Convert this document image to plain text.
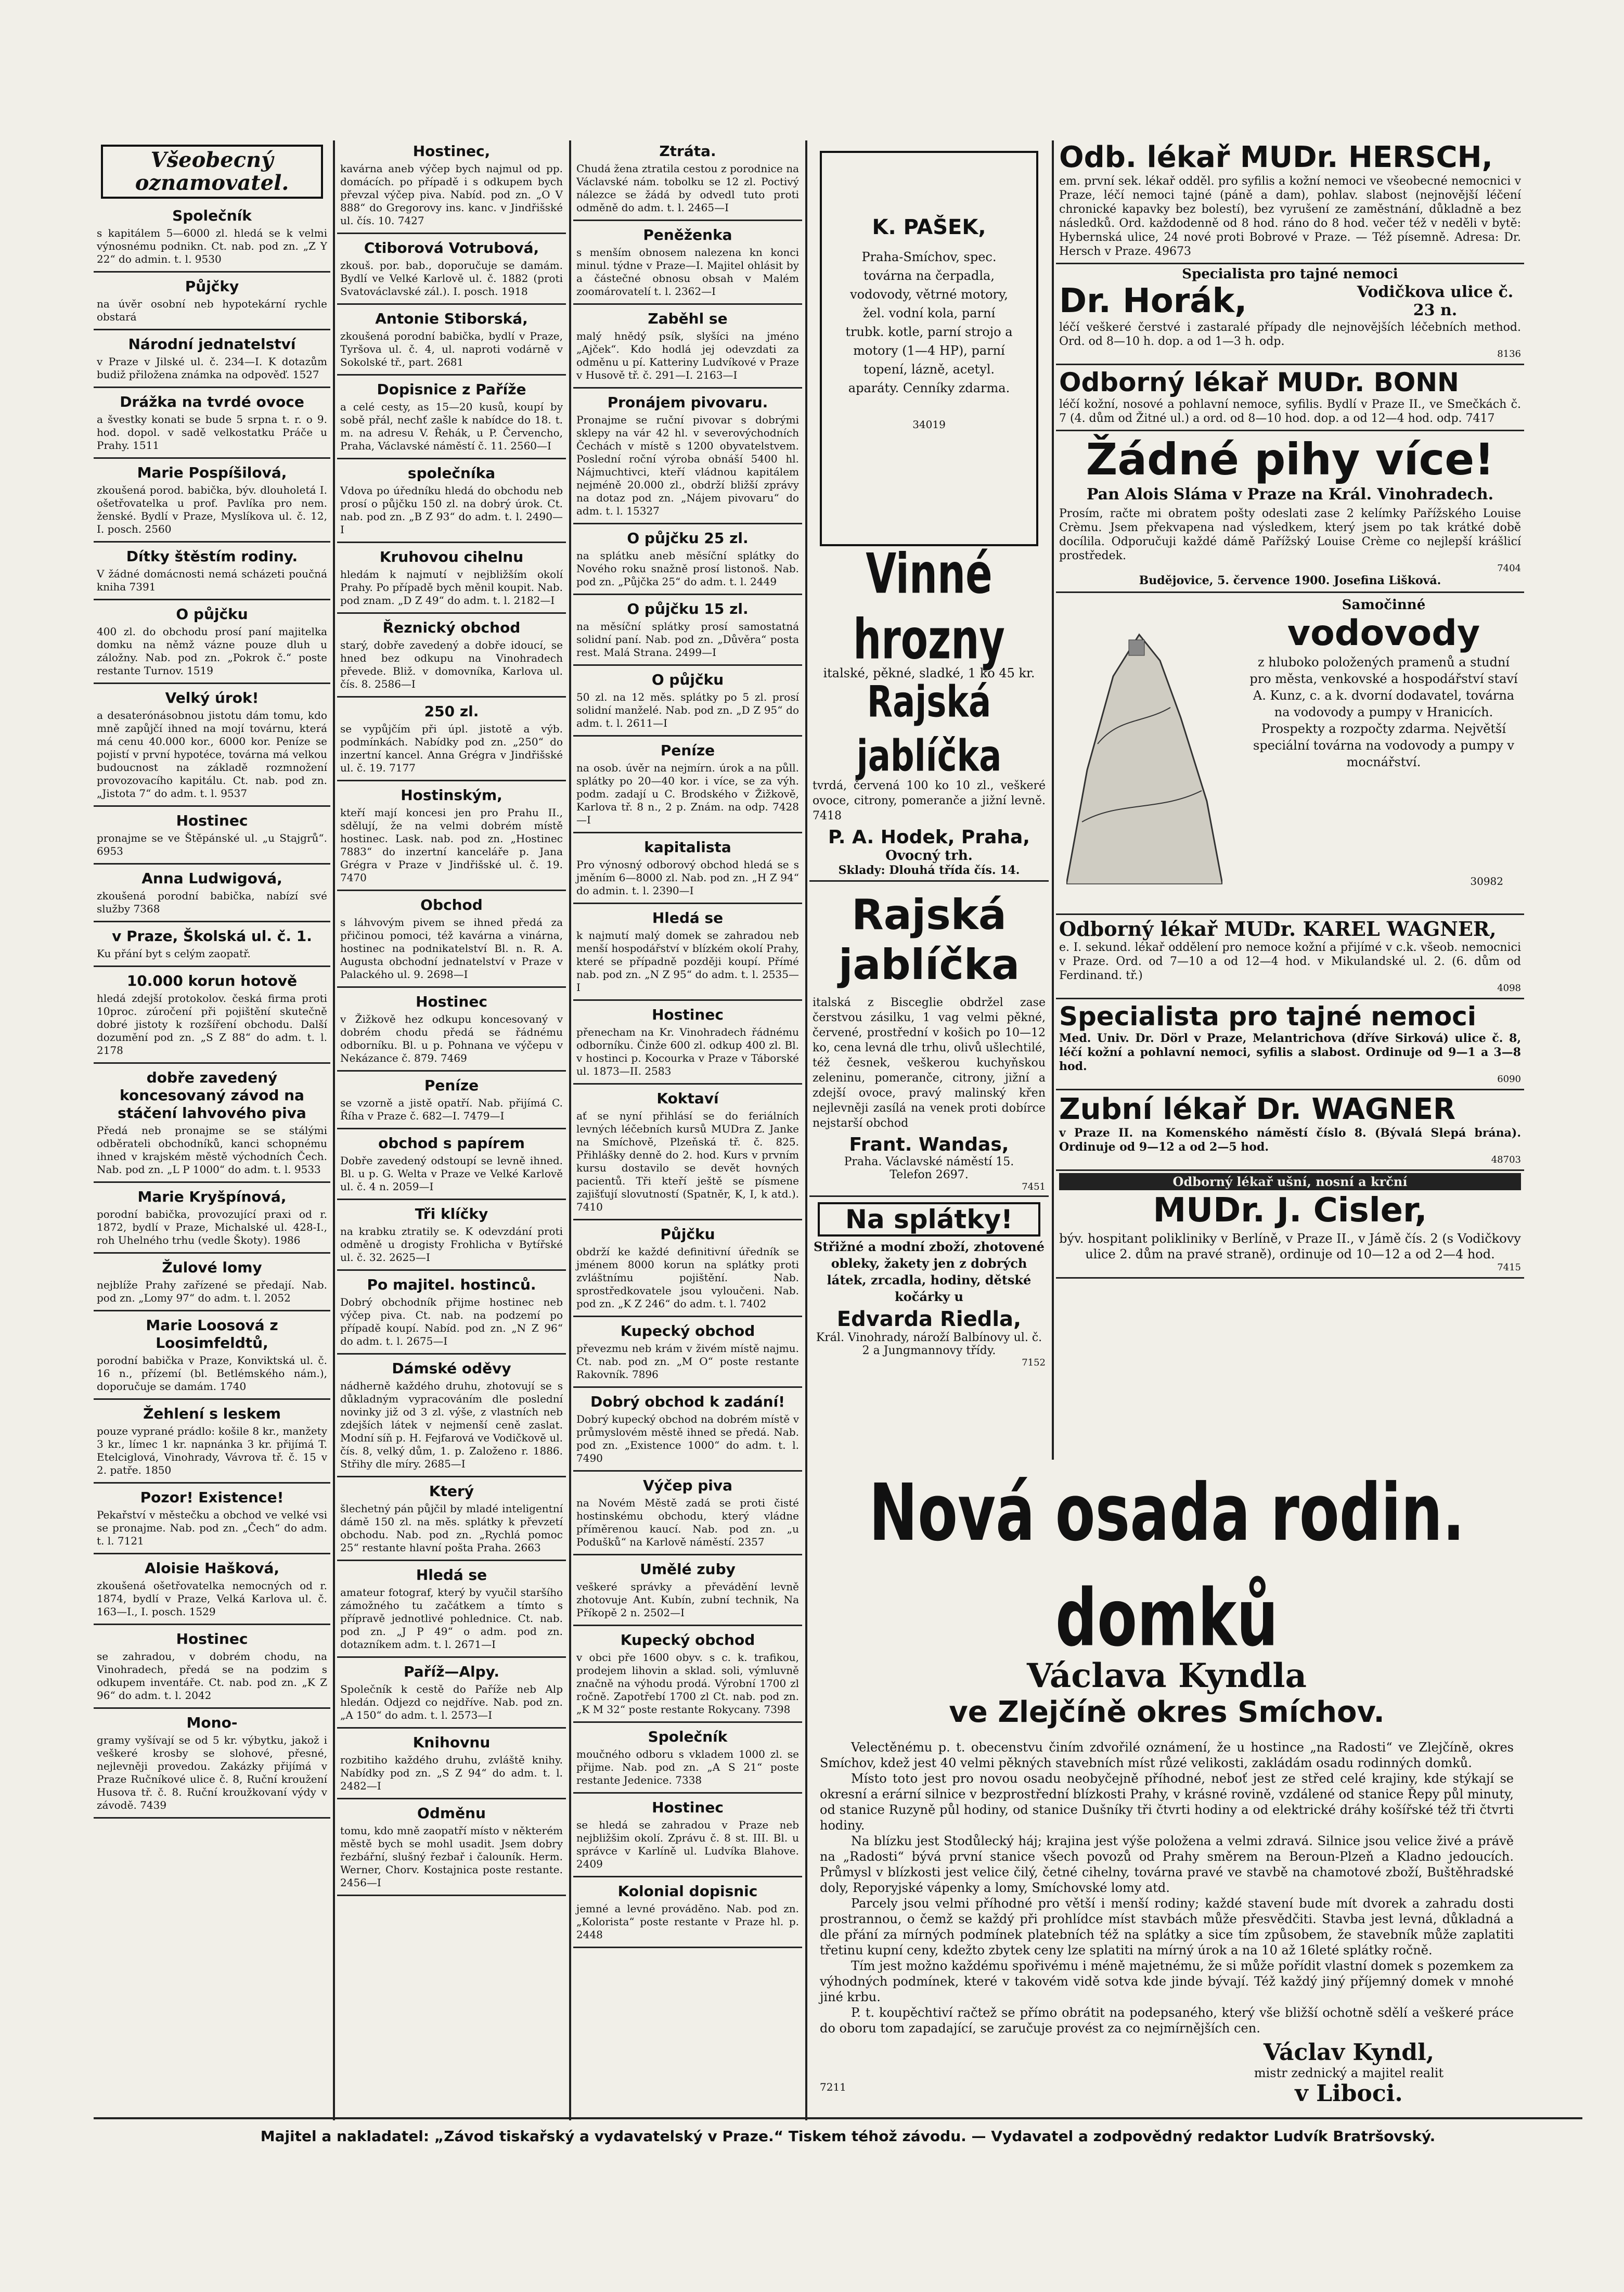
Všeobecný oznamovatel.
Společník

s kapitálem 5—6000 zl. hledá se k velmi výnosnému podnikn. Ct. nab. pod zn. „Z Y 22“ do admin. t. l. 9530

Půjčky

na úvěr osobní neb hypotekární rychle obstará

Národní jednatelství

v Praze v Jilské ul. č. 234—I. K dotazům budiž přiložena známka na odpověď. 1527

Drážka na tvrdé ovoce

a švestky konati se bude 5 srpna t. r. o 9. hod. dopol. v sadě velkostatku Práče u Prahy. 1511

Marie Pospíšilová,

zkoušená porod. babička, býv. dlouholetá I. ošetřovatelka u prof. Pavlíka pro nem. ženské. Bydlí v Praze, Myslíkova ul. č. 12, I. posch. 2560

Dítky štěstím rodiny.

V žádné domácnosti nemá scházeti poučná kniha 7391

O půjčku

400 zl. do obchodu prosí paní majitelka domku na němž vázne pouze dluh u záložny. Nab. pod zn. „Pokrok č.“ poste restante Turnov. 1519

Velký úrok!

a desaterónásobnou jistotu dám tomu, kdo mně zapůjčí ihned na mojí továrnu, která má cenu 40.000 kor., 6000 kor. Peníze se pojistí v první hypotéce, továrna má velkou budoucnost na základě rozmnožení provozovacího kapitálu. Ct. nab. pod zn. „Jistota 7“ do adm. t. l. 9537

Hostinec

pronajme se ve Štěpánské ul. „u Stajgrů“. 6953

Anna Ludwigová,

zkoušená porodní babička, nabízí své služby 7368

v Praze, Školská ul. č. 1.

Ku přání byt s celým zaopatř.

10.000 korun hotově

hledá zdejší protokolov. česká firma proti 10proc. zúročení při pojištění skutečně dobré jistoty k rozšíření obchodu. Další dozumění pod zn. „S Z 88“ do adm. t. l. 2178

dobře zavedený koncesovaný závod na stáčení lahvového piva

Předá neb pronajme se se stálými odběrateli obchodníků, kanci schopnému ihned v krajském městě východních Čech. Nab. pod zn. „L P 1000“ do adm. t. l. 9533

Marie Kryšpínová,

porodní babička, provozující praxi od r. 1872, bydlí v Praze, Michalské ul. 428-I., roh Uhelného trhu (vedle Škoty). 1986

Žulové lomy

nejblíže Prahy zařízené se předají. Nab. pod zn. „Lomy 97“ do adm. t. l. 2052

Marie Loosová z Loosimfeldtů,

porodní babička v Praze, Konviktská ul. č. 16 n., přízemí (bl. Betlémského nám.), doporučuje se damám. 1740

Žehlení s leskem

pouze vyprané prádlo: košile 8 kr., manžety 3 kr., límec 1 kr. napnánka 3 kr. přijímá T. Etelciglová, Vinohrady, Vávrova tř. č. 15 v 2. patře. 1850

Pozor! Existence!

Pekařství v městečku a obchod ve velké vsi se pronajme. Nab. pod zn. „Čech“ do adm. t. l. 7121

Aloisie Hašková,

zkoušená ošetřovatelka nemocných od r. 1874, bydlí v Praze, Velká Karlova ul. č. 163—I., I. posch. 1529

Hostinec

se zahradou, v dobrém chodu, na Vinohradech, předá se na podzim s odkupem inventáře. Ct. nab. pod zn. „K Z 96“ do adm. t. l. 2042

Mono-

gramy vyšívají se od 5 kr. výbytku, jakož i veškeré krosby se slohové, přesné, nejlevněji provedou. Zakázky přijímá v Praze Ručníkové ulice č. 8, Ruční kroužení Husova tř. č. 8. Ruční kroužkovaní výdy v závodě. 7439

Hostinec,

kavárna aneb výčep bych najmul od pp. domácích. po případě i s odkupem bych převzal výčep piva. Nabíd. pod zn. „O V 888“ do Gregorovy ins. kanc. v Jindřišské ul. čís. 10. 7427

Ctiborová Votrubová,

zkouš. por. bab., doporučuje se damám. Bydlí ve Velké Karlově ul. č. 1882 (proti Svatováclavské zál.). I. posch. 1918

Antonie Stiborská,

zkoušená porodní babička, bydlí v Praze, Tyršova ul. č. 4, ul. naproti vodárně v Sokolské tř., part. 2681

Dopisnice z Paříže

a celé cesty, as 15—20 kusů, koupí by sobě přál, nechť zašle k nabídce do 18. t. m. na adresu V. Řehák, u P. Červencho, Praha, Václavské náměstí č. 11. 2560—I

společníka

Vdova po úředníku hledá do obchodu neb prosí o půjčku 150 zl. na dobrý úrok. Ct. nab. pod zn. „B Z 93“ do adm. t. l. 2490—I

Kruhovou cihelnu

hledám k najmutí v nejbližším okolí Prahy. Po případě bych měnil koupit. Nab. pod znam. „D Z 49“ do adm. t. l. 2182—I

Řeznický obchod

starý, dobře zavedený a dobře idoucí, se hned bez odkupu na Vinohradech převede. Bliž. v domovníka, Karlova ul. čís. 8. 2586—I

250 zl.

se vypůjčím při úpl. jistotě a výb. podmínkách. Nabídky pod zn. „250“ do inzertní kancel. Anna Grégra v Jindřišské ul. č. 19. 7177

Hostinským,

kteří mají koncesi jen pro Prahu II., sdělují, že na velmi dobrém místě hostinec. Lask. nab. pod zn. „Hostinec 7883“ do inzertní kanceláře p. Jana Grégra v Praze v Jindřišské ul. č. 19. 7470

Obchod

s láhvovým pivem se ihned předá za přičinou pomoci, též kavárna a vinárna, hostinec na podnikatelství Bl. n. R. A. Augusta obchodní jednatelství v Praze v Palackého ul. 9. 2698—I

Hostinec

v Žižkově hez odkupu koncesovaný v dobrém chodu předá se řádnému odborníku. Bl. u p. Pohnana ve výčepu v Nekázance č. 879. 7469

Peníze

se vzorně a jistě opatří. Nab. přijímá C. Říha v Praze č. 682—I. 7479—I

obchod s papírem

Dobře zavedený odstoupí se levně ihned. Bl. u p. G. Welta v Praze ve Velké Karlově ul. č. 4 n. 2059—I

Tři klíčky

na krabku ztratily se. K odevzdání proti odměně u drogisty Frohlicha v Bytířské ul. č. 32. 2625—I

Po majitel. hostinců.

Dobrý obchodník přijme hostinec neb výčep piva. Ct. nab. na podzemí po případě koupí. Nabíd. pod zn. „N Z 96“ do adm. t. l. 2675—I

Dámské oděvy

nádherně každého druhu, zhotovují se s důkladným vypracováním dle poslední novinky již od 3 zl. výše, z vlastních neb zdejších látek v nejmenší ceně zaslat. Modní síň p. H. Fejfarová ve Vodičkově ul. čís. 8, velký dům, 1. p. Založeno r. 1886. Střihy dle míry. 2685—I

Který

šlechetný pán půjčil by mladé inteligentní dámě 150 zl. na měs. splátky k převzetí obchodu. Nab. pod zn. „Rychlá pomoc 25“ restante hlavní pošta Praha. 2663

Hledá se

amateur fotograf, který by vyučil staršího zámožného tu začátkem a tímto s přípravě jednotlivé pohlednice. Ct. nab. pod zn. „J P 49“ o adm. pod zn. dotazníkem adm. t. l. 2671—I

Paříž—Alpy.

Společník k cestě do Paříže neb Alp hledán. Odjezd co nejdříve. Nab. pod zn. „A 150“ do adm. t. l. 2573—I

Knihovnu

rozbitiho každého druhu, zvláště knihy. Nabídky pod zn. „S Z 94“ do adm. t. l. 2482—I

Odměnu

tomu, kdo mně zaopatří místo v některém městě bych se mohl usadit. Jsem dobry řezbářní, slušný řezbař i čalouník. Herm. Werner, Chorv. Kostajnica poste restante. 2456—I

Ztráta.

Chudá žena ztratila cestou z porodnice na Václavské nám. tobolku se 12 zl. Poctivý nálezce se žádá by odvedl tuto proti odměně do adm. t. l. 2465—I

Peněženka

s menším obnosem nalezena kn konci minul. týdne v Praze—I. Majitel ohlásit by a částečné obnosu obsah v Malém zoomárovatelí t. l. 2362—I

Zaběhl se

malý hnědý psík, slyšíci na jméno „Ajček“. Kdo hodlá jej odevzdati za odměnu u pí. Katteriny Ludvíkové v Praze v Husově tř. č. 291—I. 2163—I

Pronájem pivovaru.

Pronajme se ruční pivovar s dobrými sklepy na vár 42 hl. v severovýchodních Čechách v místě s 1200 obyvatelstvem. Poslední roční výroba obnáší 5400 hl. Nájmuchtivci, kteří vládnou kapitálem nejméně 20.000 zl., obdrží bližší zprávy na dotaz pod zn. „Nájem pivovaru“ do adm. t. l. 15327

O půjčku 25 zl.

na splátku aneb měsíční splátky do Nového roku snažně prosí listonoš. Nab. pod zn. „Půjčka 25“ do adm. t. l. 2449

O půjčku 15 zl.

na měsíční splátky prosí samostatná solidní paní. Nab. pod zn. „Důvěra“ posta rest. Malá Strana. 2499—I

O půjčku

50 zl. na 12 měs. splátky po 5 zl. prosí solidní manželé. Nab. pod zn. „D Z 95“ do adm. t. l. 2611—I

Peníze

na osob. úvěr na nejmírn. úrok a na půll. splátky po 20—40 kor. i více, se za výh. podm. zadají u C. Brodského v Žižkově, Karlova tř. 8 n., 2 p. Znám. na odp. 7428—I

kapitalista

Pro výnosný odborový obchod hledá se s jměním 6—8000 zl. Nab. pod zn. „H Z 94“ do admin. t. l. 2390—I

Hledá se

k najmutí malý domek se zahradou neb menší hospodářství v blízkém okolí Prahy, které se případně později koupí. Přímé nab. pod zn. „N Z 95“ do adm. t. l. 2535—I

Hostinec

přenecham na Kr. Vinohradech řádnému odborníku. Činže 600 zl. odkup 400 zl. Bl. v hostinci p. Kocourka v Praze v Táborské ul. 1873—II. 2583

Koktaví

ať se nyní přihlásí se do feriálních levných léčebních kursů MUDra Z. Janke na Smíchově, Plzeňská tř. č. 825. Přihlášky denně do 2. hod. Kurs v prvním kursu dostavilo se devět hovných pacientů. Tři kteří ještě se písmene zajišťují slovutností (Spatněr, K, I, k atd.). 7410

Půjčku

obdrží ke každé definitivní úředník se jménem 8000 korun na splátky proti zvláštnímu pojištění. Nab. sprostředkovatele jsou vyloučeni. Nab. pod zn. „K Z 246“ do adm. t. l. 7402

Kupecký obchod

převezmu neb krám v živém místě najmu. Ct. nab. pod zn. „M O“ poste restante Rakovník. 7896

Dobrý obchod k zadání!

Dobrý kupecký obchod na dobrém místě v průmyslovém městě ihned se předá. Nab. pod zn. „Existence 1000“ do adm. t. l. 7490

Výčep piva

na Novém Městě zadá se proti čisté hostinskému obchodu, který vládne příměrenou kaucí. Nab. pod zn. „u Podušků“ na Karlově náměstí. 2357

Umělé zuby

veškeré správky a převádění levně zhotovuje Ant. Kubín, zubní technik, Na Příkopě 2 n. 2502—I

Kupecký obchod

v obci pře 1600 obyv. s c. k. trafikou, prodejem lihovin a sklad. soli, výmluvně značně na výhodu prodá. Výrobní 1700 zl ročně. Zapotřebí 1700 zl Ct. nab. pod zn. „K M 32“ poste restante Rokycany. 7398

Společník

moučného odboru s vkladem 1000 zl. se přijme. Nab. pod zn. „A S 21“ poste restante Jedenice. 7338

Hostinec

se hledá se zahradou v Praze neb nejbližšim okolí. Zprávu č. 8 st. III. Bl. u správce v Karlíně ul. Ludvíka Blahove. 2409

Kolonial dopisnic

jemné a levné prováděno. Nab. pod zn. „Kolorista“ poste restante v Praze hl. p. 2448

K. PAŠEK,

Praha-Smíchov, spec. továrna na čerpadla, vodovody, větrné motory, žel. vodní kola, parní trubk. kotle, parní strojo a motory (1—4 HP), parní topení, lázně, acetyl. aparáty. Cenníky zdarma.

34019
Vinné hrozny

italské, pěkné, sladké, 1 ko 45 kr.

Rajská jablíčka

tvrdá, červená 100 ko 10 zl., veškeré ovoce, citrony, pomeranče a jižní levně. 7418

P. A. Hodek, Praha,
Ovocný trh.
Sklady: Dlouhá třída čís. 14.
Rajská jablíčka

italská z Bisceglie obdržel zase čerstvou zásilku, 1 vag velmi pěkné, červené, prostřední v košich po 10—12 ko, cena levná dle trhu, olivů ušlechtilé, též česnek, veškerou kuchyňskou zeleninu, pomeranče, citrony, jižní a zdejší ovoce, pravý malinský křen nejlevněji zasílá na venek proti dobírce nejstarší obchod

Frant. Wandas,
Praha. Václavské náměstí 15.
Telefon 2697.
7451
Na splátky!

Střižné a modní zboží, zhotovené obleky, žakety jen z dobrých látek, zrcadla, hodiny, dětské kočárky u

Edvarda Riedla,
Král. Vinohrady, nároží Balbínovy ul. č. 2 a Jungmannovy třídy.
7152
Odb. lékař MUDr. HERSCH,

em. první sek. lékař odděl. pro syfilis a kožní nemoci ve všeobecné nemocnici v Praze, léčí nemoci tajné (páně a dam), pohlav. slabost (nejnovější léčení chronické kapavky bez bolestí), bez vyrušení ze zaměstnání, důkladně a bez následků. Ord. každodenně od 8 hod. ráno do 8 hod. večer též v neděli v bytě: Hybernská ulice, 24 nové proti Bobrové v Praze. — Též písemně. Adresa: Dr. Hersch v Praze. 49673

Specialista pro tajné nemoci
Dr. Horák,	Vodičkova ulice č. 23 n.

léčí veškeré čerstvé i zastaralé případy dle nejnovějších léčebních method. Ord. od 8—10 h. dop. a od 1—3 h. odp.

8136
Odborný lékař MUDr. BONN

léčí kožní, nosové a pohlavní nemoce, syfilis. Bydlí v Praze II., ve Smečkách č. 7 (4. dům od Žitné ul.) a ord. od 8—10 hod. dop. a od 12—4 hod. odp. 7417

Žádné pihy více!
Pan Alois Sláma v Praze na Král. Vinohradech.

Prosím, račte mi obratem pošty odeslati zase 2 kelímky Pařížského Louise Crèmu. Jsem překvapena nad výsledkem, který jsem po tak krátké době docílila. Odporučuji každé dámě Pařížský Louise Crème co nejlepší krášlicí prostředek.

7404
Budějovice, 5. července 1900. Josefina Lišková.
Samočinné
vodovody

z hluboko položených pramenů a studní pro města, venkovské a hospodářství staví A. Kunz, c. a k. dvorní dodavatel, továrna na vodovody a pumpy v Hranicích. Prospekty a rozpočty zdarma. Největší speciální továrna na vodovody a pumpy v mocnářství.

30982
Odborný lékař MUDr. KAREL WAGNER,

e. I. sekund. lékař oddělení pro nemoce kožní a přijímé v c.k. všeob. nemocnici v Praze. Ord. od 7—10 a od 12—4 hod. v Mikulandské ul. 2. (6. dům od Ferdinand. tř.)

4098
Specialista pro tajné nemoci

Med. Univ. Dr. Dörl v Praze, Melantrichova (dříve Sirková) ulice č. 8, léčí kožní a pohlavní nemoci, syfilis a slabost. Ordinuje od 9—1 a 3—8 hod.

6090
Zubní lékař Dr. WAGNER

v Praze II. na Komenského náměstí číslo 8. (Bývalá Slepá brána). Ordinuje od 9—12 a od 2—5 hod.

48703
Odborný lékař ušní, nosní a krční
MUDr. J. Cisler,

býv. hospitant polikliniky v Berlíně, v Praze II., v Jámě čís. 2 (s Vodičkovy ulice 2. dům na pravé straně), ordinuje od 10—12 a od 2—4 hod.

7415
Nová osada rodin. domků
Václava Kyndla
ve Zlejčíně okres Smíchov.

Velectěnému p. t. obecenstvu činím zdvořilé oznámení, že u hostince „na Radosti“ ve Zlejčíně, okres Smíchov, kdež jest 40 velmi pěkných stavebních míst růzé velikosti, zakládám osadu rodinných domků.

Místo toto jest pro novou osadu neobyčejně příhodné, neboť jest ze střed celé krajiny, kde stýkají se okresní a erární silnice v bezprostřední blízkosti Prahy, v krásné rovině, vzdálené od stanice Řepy půl minuty, od stanice Ruzyně půl hodiny, od stanice Dušníky tři čtvrti hodiny a od elektrické dráhy košířské též tři čtvrti hodiny.

Na blízku jest Stodůlecký háj; krajina jest výše položena a velmi zdravá. Silnice jsou velice živé a právě na „Radosti“ bývá první stanice všech povozů od Prahy směrem na Beroun-Plzeň a Kladno jedoucích. Průmysl v blízkosti jest velice čilý, četné cihelny, továrna pravé ve stavbě na chamotové zboží, Buštěhradské doly, Reporyjské vápenky a lomy, Smíchovské lomy atd.

Parcely jsou velmi příhodné pro větší i menší rodiny; každé stavení bude mít dvorek a zahradu dosti prostrannou, o čemž se každý při prohlídce míst stavbách může přesvědčiti. Stavba jest levná, důkladná a dle přání za mírných podmínek platebních též na splátky a sice tím způsobem, že stavebník může zaplatiti třetinu kupní ceny, kdežto zbytek ceny lze splatiti na mírný úrok a na 10 až 16leté splátky ročně.

Tím jest možno každému spořivému i méně majetnému, že si může pořídit vlastní domek s pozemkem za výhodných podmínek, které v takovém vidě sotva kde jinde bývají. Též každý jiný příjemný domek v mnohé jiné krbu.

P. t. koupěchtiví račtež se přímo obrátit na podepsaného, který vše bližší ochotně sdělí a veškeré práce do oboru tom zapadající, se zaručuje provést za co nejmírnějších cen.

7211
Václav Kyndl,
mistr zednický a majitel realit
v Liboci.
Majitel a nakladatel: „Závod tiskařský a vydavatelský v Praze.“ Tiskem téhož závodu. — Vydavatel a zodpovědný redaktor Ludvík Bratršovský.
